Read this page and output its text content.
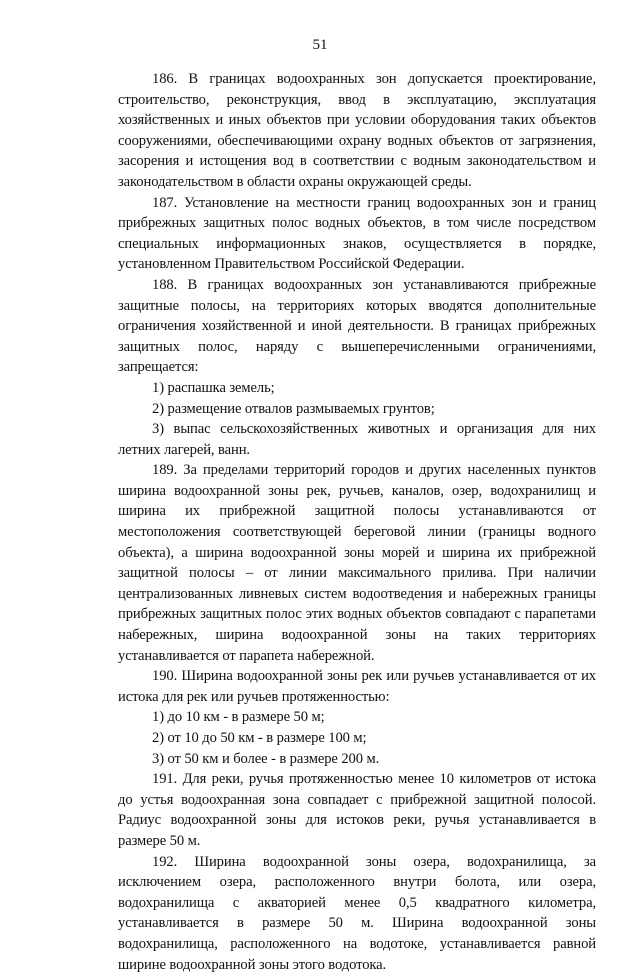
51

186. В границах водоохранных зон допускается проектирование, строительство, реконструкция, ввод в эксплуатацию, эксплуатация хозяйственных и иных объектов при условии оборудования таких объектов сооружениями, обеспечивающими охрану водных объектов от загрязнения, засорения и истощения вод в соответствии с водным законодательством и законодательством в области охраны окружающей среды.

187. Установление на местности границ водоохранных зон и границ прибрежных защитных полос водных объектов, в том числе посредством специальных информационных знаков, осуществляется в порядке, установленном Правительством Российской Федерации.

188. В границах водоохранных зон устанавливаются прибрежные защитные полосы, на территориях которых вводятся дополнительные ограничения хозяйственной и иной деятельности. В границах прибрежных защитных полос, наряду с вышеперечисленными ограничениями, запрещается:

1) распашка земель;

2) размещение отвалов размываемых грунтов;

3) выпас сельскохозяйственных животных и организация для них летних лагерей, ванн.

189. За пределами территорий городов и других населенных пунктов ширина водоохранной зоны рек, ручьев, каналов, озер, водохранилищ и ширина их прибрежной защитной полосы устанавливаются от местоположения соответствующей береговой линии (границы водного объекта), а ширина водоохранной зоны морей и ширина их прибрежной защитной полосы – от линии максимального прилива. При наличии централизованных ливневых систем водоотведения и набережных границы прибрежных защитных полос этих водных объектов совпадают с парапетами набережных, ширина водоохранной зоны на таких территориях устанавливается от парапета набережной.

190. Ширина водоохранной зоны рек или ручьев устанавливается от их истока для рек или ручьев протяженностью:

1) до 10 км - в размере 50 м;

2) от 10 до 50 км - в размере 100 м;

3) от 50 км и более - в размере 200 м.

191. Для реки, ручья протяженностью менее 10 километров от истока до устья водоохранная зона совпадает с прибрежной защитной полосой. Радиус водоохранной зоны для истоков реки, ручья устанавливается в размере 50 м.

192. Ширина водоохранной зоны озера, водохранилища, за исключением озера, расположенного внутри болота, или озера, водохранилища с акваторией менее 0,5 квадратного километра, устанавливается в размере 50 м. Ширина водоохранной зоны водохранилища, расположенного на водотоке, устанавливается равной ширине водоохранной зоны этого водотока.
